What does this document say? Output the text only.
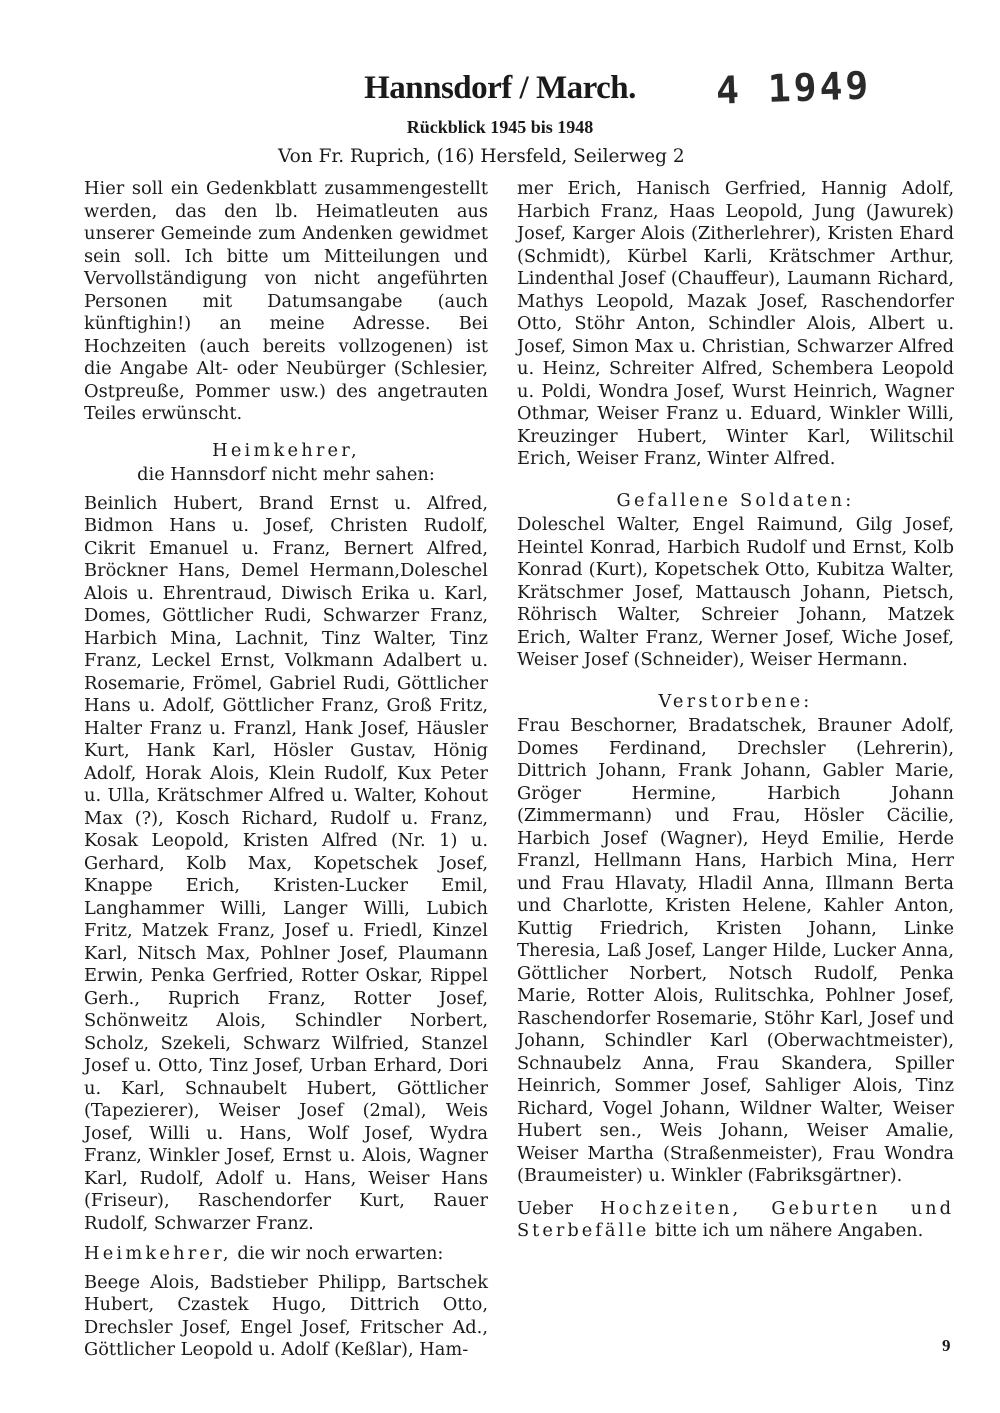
Hannsdorf / March.	4 1949
Rückblick 1945 bis 1948
Von Fr. Ruprich, (16) Hersfeld, Seilerweg 2

Hier soll ein Gedenkblatt zusammengestellt werden, das den lb. Heimatleuten aus unserer Gemeinde zum Andenken gewidmet sein soll. Ich bitte um Mitteilungen und Vervollständigung von nicht angeführten Personen mit Datumsangabe (auch künftighin!) an meine Adresse. Bei Hochzeiten (auch bereits vollzogenen) ist die Angabe Alt- oder Neubürger (Schlesier, Ostpreuße, Pommer usw.) des angetrauten Teiles erwünscht.

Heimkehrer,
die Hannsdorf nicht mehr sahen:

Beinlich Hubert, Brand Ernst u. Alfred, Bidmon Hans u. Josef, Christen Rudolf, Cikrit Emanuel u. Franz, Bernert Alfred, Bröckner Hans, Demel Hermann,Doleschel Alois u. Ehrentraud, Diwisch Erika u. Karl, Domes, Göttlicher Rudi, Schwarzer Franz, Harbich Mina, Lachnit, Tinz Walter, Tinz Franz, Leckel Ernst, Volkmann Adalbert u. Rosemarie, Frömel, Gabriel Rudi, Göttlicher Hans u. Adolf, Göttlicher Franz, Groß Fritz, Halter Franz u. Franzl, Hank Josef, Häusler Kurt, Hank Karl, Hösler Gustav, Hönig Adolf, Horak Alois, Klein Rudolf, Kux Peter u. Ulla, Krätschmer Alfred u. Walter, Kohout Max (?), Kosch Richard, Rudolf u. Franz, Kosak Leopold, Kristen Alfred (Nr. 1) u. Gerhard, Kolb Max, Kopetschek Josef, Knappe Erich, Kristen-Lucker Emil, Langhammer Willi, Langer Willi, Lubich Fritz, Matzek Franz, Josef u. Friedl, Kinzel Karl, Nitsch Max, Pohlner Josef, Plaumann Erwin, Penka Gerfried, Rotter Oskar, Rippel Gerh., Ruprich Franz, Rotter Josef, Schönweitz Alois, Schindler Norbert, Scholz, Szekeli, Schwarz Wilfried, Stanzel Josef u. Otto, Tinz Josef, Urban Erhard, Dori u. Karl, Schnaubelt Hubert, Göttlicher (Tapezierer), Weiser Josef (2mal), Weis Josef, Willi u. Hans, Wolf Josef, Wydra Franz, Winkler Josef, Ernst u. Alois, Wagner Karl, Rudolf, Adolf u. Hans, Weiser Hans (Friseur), Raschendorfer Kurt, Rauer Rudolf, Schwarzer Franz.

Heimkehrer, die wir noch erwarten:

Beege Alois, Badstieber Philipp, Bartschek Hubert, Czastek Hugo, Dittrich Otto, Drechsler Josef, Engel Josef, Fritscher Ad., Göttlicher Leopold u. Adolf (Keßlar), Ham-

mer Erich, Hanisch Gerfried, Hannig Adolf, Harbich Franz, Haas Leopold, Jung (Jawurek) Josef, Karger Alois (Zitherlehrer), Kristen Ehard (Schmidt), Kürbel Karli, Krätschmer Arthur, Lindenthal Josef (Chauffeur), Laumann Richard, Mathys Leopold, Mazak Josef, Raschendorfer Otto, Stöhr Anton, Schindler Alois, Albert u. Josef, Simon Max u. Christian, Schwarzer Alfred u. Heinz, Schreiter Alfred, Schembera Leopold u. Poldi, Wondra Josef, Wurst Heinrich, Wagner Othmar, Weiser Franz u. Eduard, Winkler Willi, Kreuzinger Hubert, Winter Karl, Wilitschil Erich, Weiser Franz, Winter Alfred.

Gefallene Soldaten:

Doleschel Walter, Engel Raimund, Gilg Josef, Heintel Konrad, Harbich Rudolf und Ernst, Kolb Konrad (Kurt), Kopetschek Otto, Kubitza Walter, Krätschmer Josef, Mattausch Johann, Pietsch, Röhrisch Walter, Schreier Johann, Matzek Erich, Walter Franz, Werner Josef, Wiche Josef, Weiser Josef (Schneider), Weiser Hermann.

Verstorbene:

Frau Beschorner, Bradatschek, Brauner Adolf, Domes Ferdinand, Drechsler (Lehrerin), Dittrich Johann, Frank Johann, Gabler Marie, Gröger Hermine, Harbich Johann (Zimmermann) und Frau, Hösler Cäcilie, Harbich Josef (Wagner), Heyd Emilie, Herde Franzl, Hellmann Hans, Harbich Mina, Herr und Frau Hlavaty, Hladil Anna, Illmann Berta und Charlotte, Kristen Helene, Kahler Anton, Kuttig Friedrich, Kristen Johann, Linke Theresia, Laß Josef, Langer Hilde, Lucker Anna, Göttlicher Norbert, Notsch Rudolf, Penka Marie, Rotter Alois, Rulitschka, Pohlner Josef, Raschendorfer Rosemarie, Stöhr Karl, Josef und Johann, Schindler Karl (Oberwachtmeister), Schnaubelz Anna, Frau Skandera, Spiller Heinrich, Sommer Josef, Sahliger Alois, Tinz Richard, Vogel Johann, Wildner Walter, Weiser Hubert sen., Weis Johann, Weiser Amalie, Weiser Martha (Straßenmeister), Frau Wondra (Braumeister) u. Winkler (Fabriksgärtner).

Ueber Hochzeiten, Geburten und Sterbefälle bitte ich um nähere Angaben.

9
